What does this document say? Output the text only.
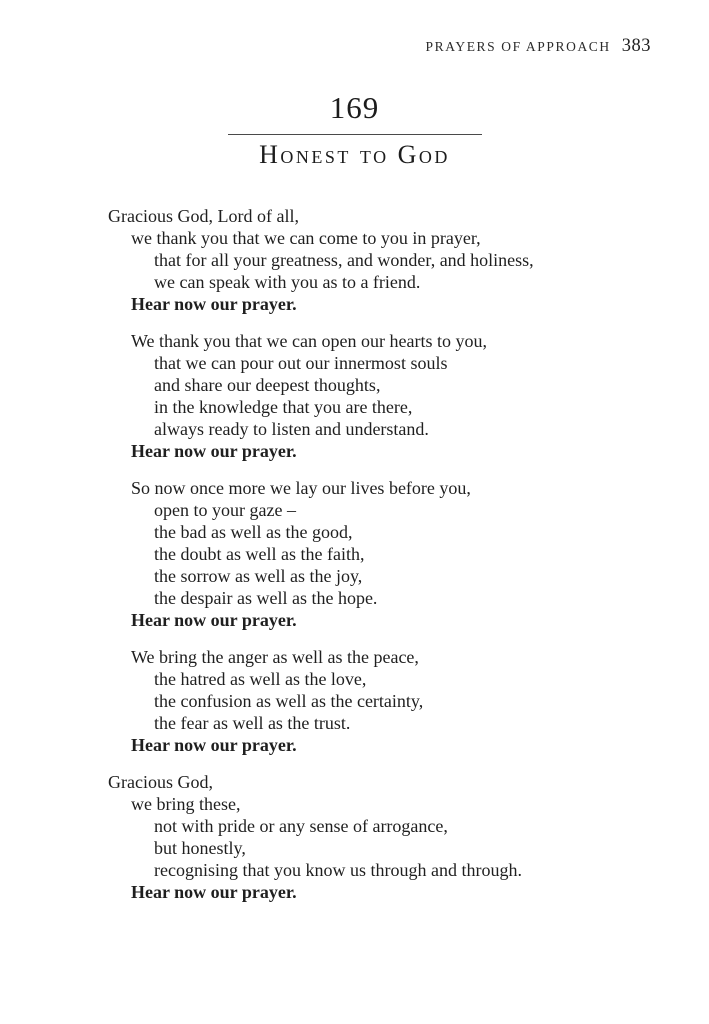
PRAYERS OF APPROACH 383
169
Honest to God
Gracious God, Lord of all,
we thank you that we can come to you in prayer,
that for all your greatness, and wonder, and holiness,
we can speak with you as to a friend.
Hear now our prayer.
We thank you that we can open our hearts to you,
that we can pour out our innermost souls
and share our deepest thoughts,
in the knowledge that you are there,
always ready to listen and understand.
Hear now our prayer.
So now once more we lay our lives before you,
open to your gaze –
the bad as well as the good,
the doubt as well as the faith,
the sorrow as well as the joy,
the despair as well as the hope.
Hear now our prayer.
We bring the anger as well as the peace,
the hatred as well as the love,
the confusion as well as the certainty,
the fear as well as the trust.
Hear now our prayer.
Gracious God,
we bring these,
not with pride or any sense of arrogance,
but honestly,
recognising that you know us through and through.
Hear now our prayer.
